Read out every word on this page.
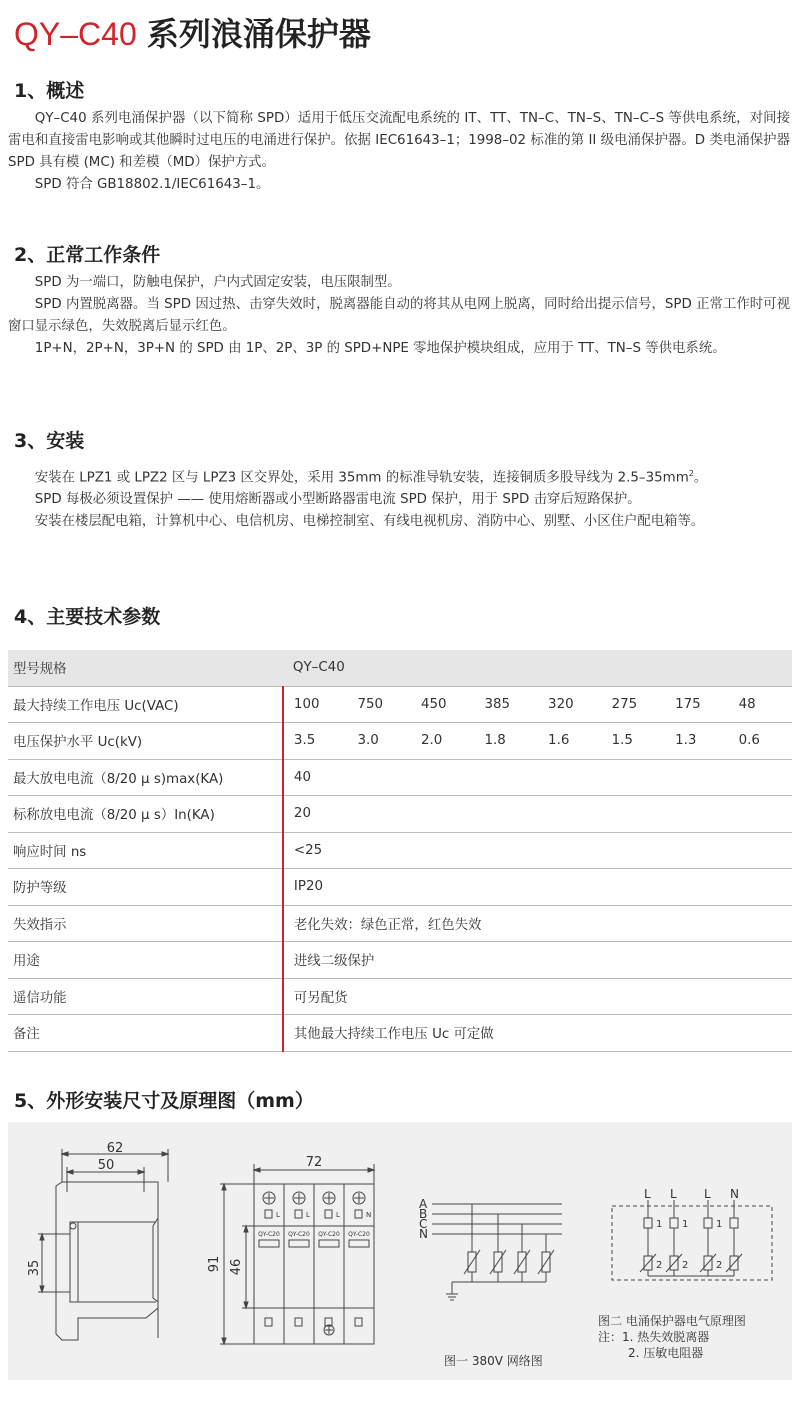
QY–C40 系列浪涌保护器
1、概述

QY–C40 系列电涌保护器（以下简称 SPD）适用于低压交流配电系统的 IT、TT、TN–C、TN–S、TN–C–S 等供电系统，对间接雷电和直接雷电影响或其他瞬时过电压的电涌进行保护。依据 IEC61643–1；1998–02 标准的第 II 级电涌保护器。D 类电涌保护器 SPD 具有模 (MC) 和差模（MD）保护方式。

SPD 符合 GB18802.1/IEC61643–1。

2、正常工作条件

SPD 为一端口，防触电保护，户内式固定安装，电压限制型。

SPD 内置脱离器。当 SPD 因过热、击穿失效时，脱离器能自动的将其从电网上脱离，同时给出提示信号，SPD 正常工作时可视窗口显示绿色，失效脱离后显示红色。

1P+N，2P+N，3P+N 的 SPD 由 1P、2P、3P 的 SPD+NPE 零地保护模块组成，应用于 TT、TN–S 等供电系统。

3、安装

安装在 LPZ1 或 LPZ2 区与 LPZ3 区交界处，采用 35mm 的标准导轨安装，连接铜质多股导线为 $2.5-35mm^2$。

SPD 每极必须设置保护 —— 使用熔断器或小型断路器雷电流 SPD 保护，用于 SPD 击穿后短路保护。

安装在楼层配电箱，计算机中心、电信机房、电梯控制室、有线电视机房、消防中心、别墅、小区住户配电箱等。

4、主要技术参数
型号规格	QY–C40							
最大持续工作电压 Uc(VAC)	100	750	450	385	320	275	175	48
电压保护水平 Uc(kV)	3.5	3.0	2.0	1.8	1.6	1.5	1.3	0.6
最大放电电流（8/20 μ s)max(KA)	40							
标称放电电流（8/20 μ s）In(KA)	20							
响应时间 ns	<25							
防护等级	IP20							
失效指示	老化失效：绿色正常，红色失效							
用途	进线二级保护							
遥信功能	可另配货							
备注	其他最大持续工作电压 Uc 可定做							
5、外形安装尺寸及原理图（mm）
62
50
35
72
91 46
L	L	L	N
QY-C20 QY-C20 QY-C20 QY-C20
A
B
C
N
L L L N
1 1	1
2 2	2
图一 380V 网络图
图二 电涌保护器电气原理图
注：1. 热失效脱离器
2. 压敏电阻器
